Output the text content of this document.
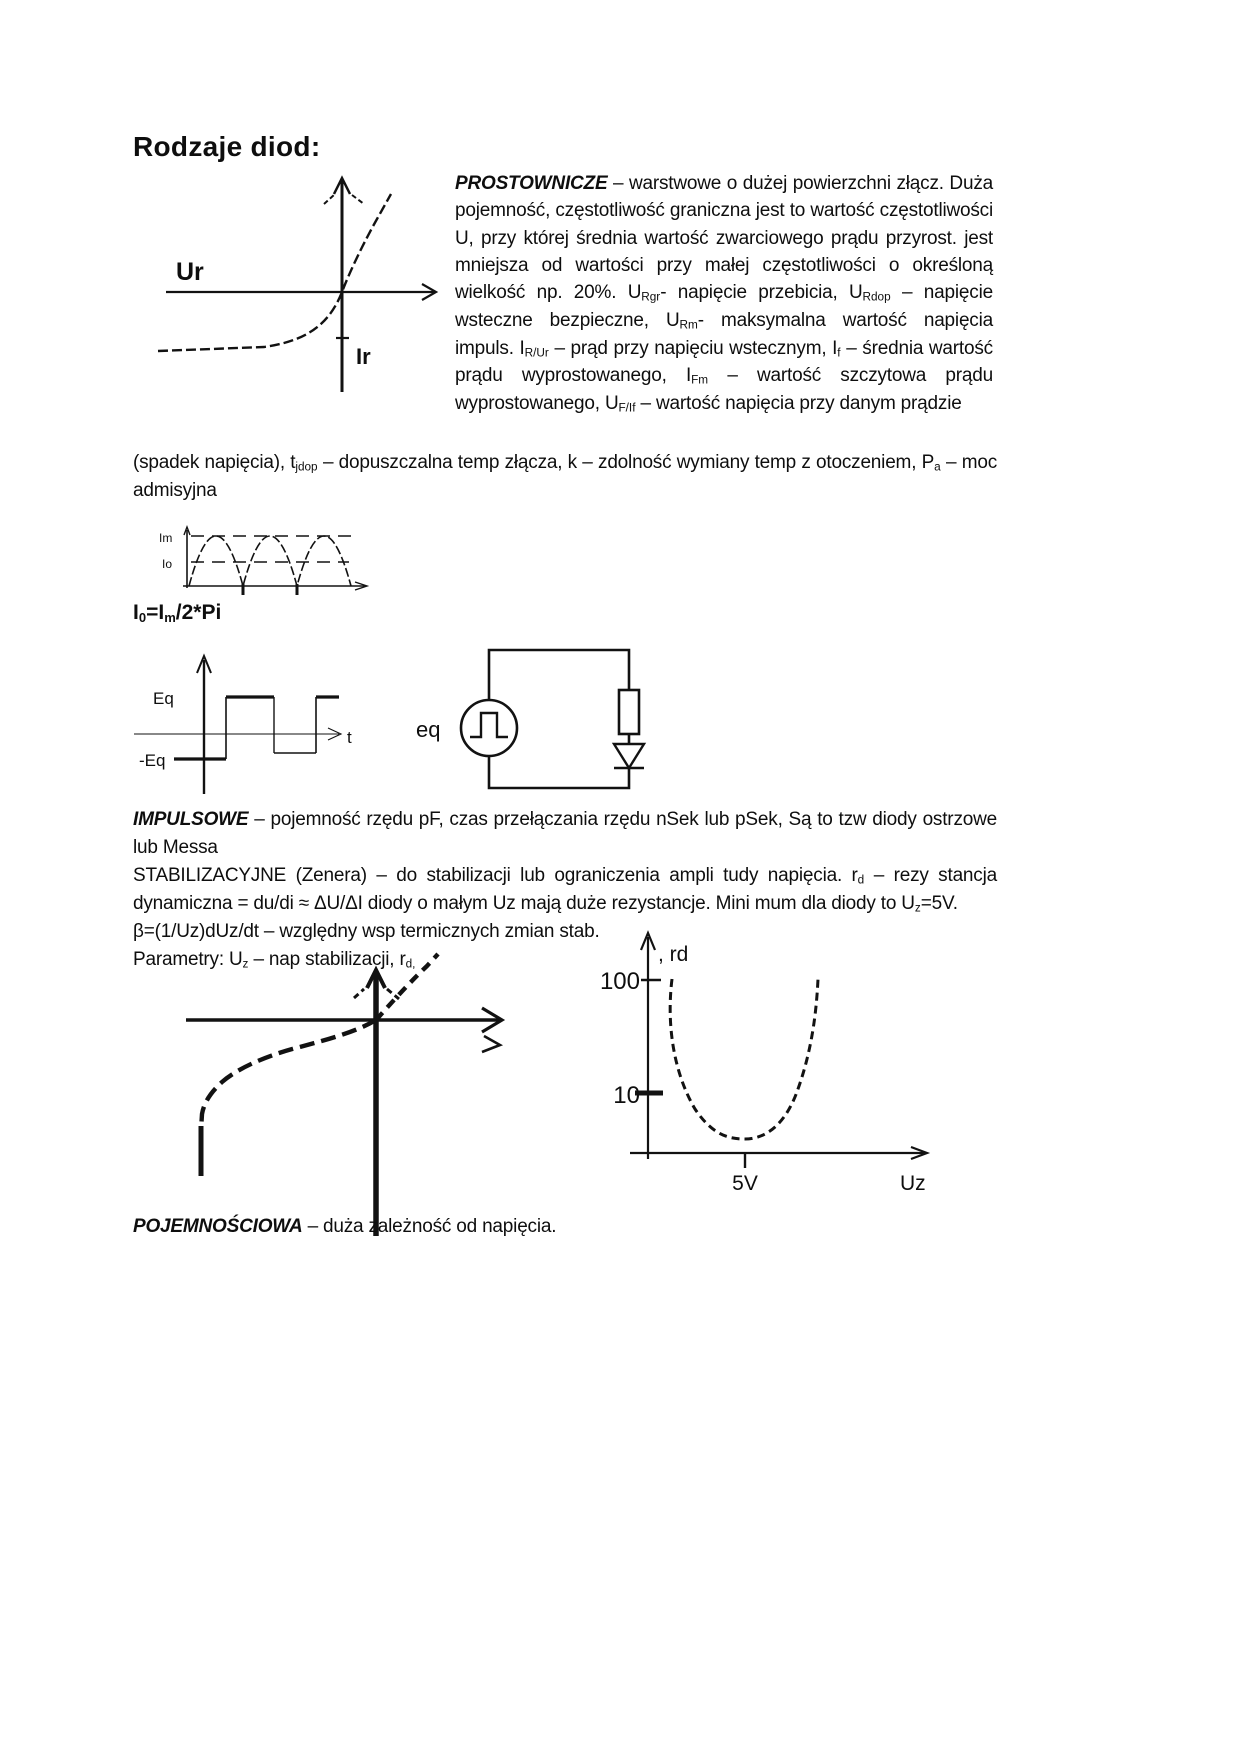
Rodzaje diod:
Ur
Ir

PROSTOWNICZE – warstwowe o dużej powierzchni złącz. Duża pojemność, częstotliwość graniczna jest to wartość częstotliwości U, przy której średnia wartość zwarciowego prądu przyrost. jest mniejsza od wartości przy małej częstotliwości o określoną wielkość np. 20%. $U_{Rgr}-$ napięcie przebicia, $U_{Rdop}$ – napięcie wsteczne bezpieczne, $U_{Rm}-$ maksymalna wartość napięcia impuls. $I_{R/Ur}$ – prąd przy napięciu wstecznym, $I_f$ – średnia wartość prądu wyprostowanego, $I_{Fm}$ – wartość szczytowa prądu wyprostowanego, $U_{F/If}$ – wartość napięcia przy danym prądzie

(spadek napięcia), $t_{jdop}$ – dopuszczalna temp złącza, k – zdolność wymiany temp z otoczeniem, $P_a$ – moc admisyjna

Im
Io
$I_0=I_m/2*Pi$
Eq
-Eq
t	eq

IMPULSOWE – pojemność rzędu pF, czas przełączania rzędu nSek lub pSek, Są to tzw diody ostrzowe lub Messa

STABILIZACYJNE (Zenera) – do stabilizacji lub ograniczenia ampli tudy napięcia. $r_d$ – rezy stancja dynamiczna = du/di ≈ ΔU/ΔI diody o małym Uz mają duże rezystancje. Mini mum dla diody to $U_z=5V$.

β=(1/Uz)dUz/dt – względny wsp termicznych zmian stab.

Parametry: $U_z$ – nap stabilizacji, $r_{d,}$	, rd
100
10
5V	Uz
POJEMNOŚCIOWA – duża zależność od napięcia.
